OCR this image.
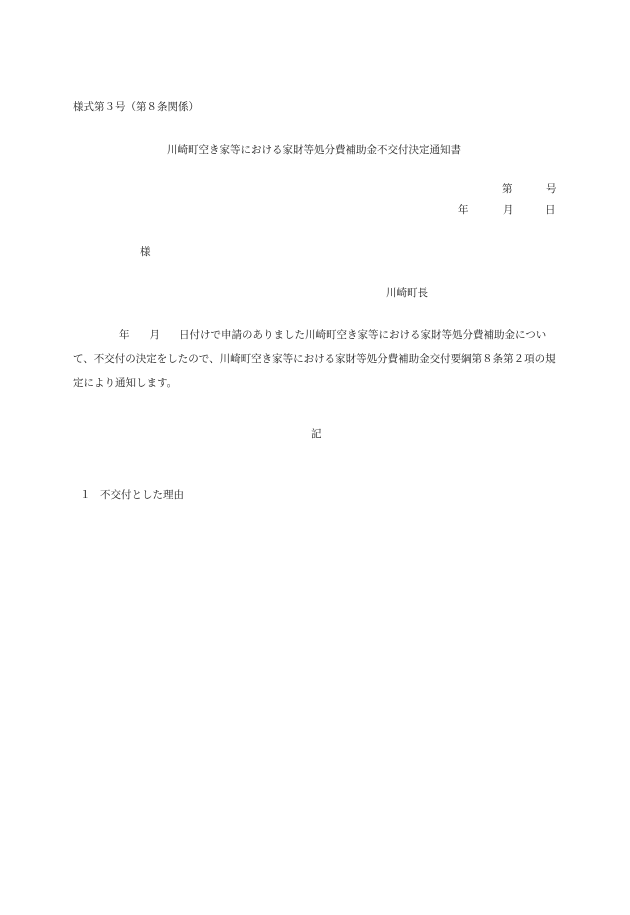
様式第３号（第８条関係）
川崎町空き家等における家財等処分費補助金不交付決定通知書
第	号
年	月	日
様
川崎町長
年 月 日付けで申請のありました川崎町空き家等における家財等処分費補助金について、不交付の決定をしたので、川崎町空き家等における家財等処分費補助金交付要綱第８条第２項の規定により通知します。
記
１ 不交付とした理由
